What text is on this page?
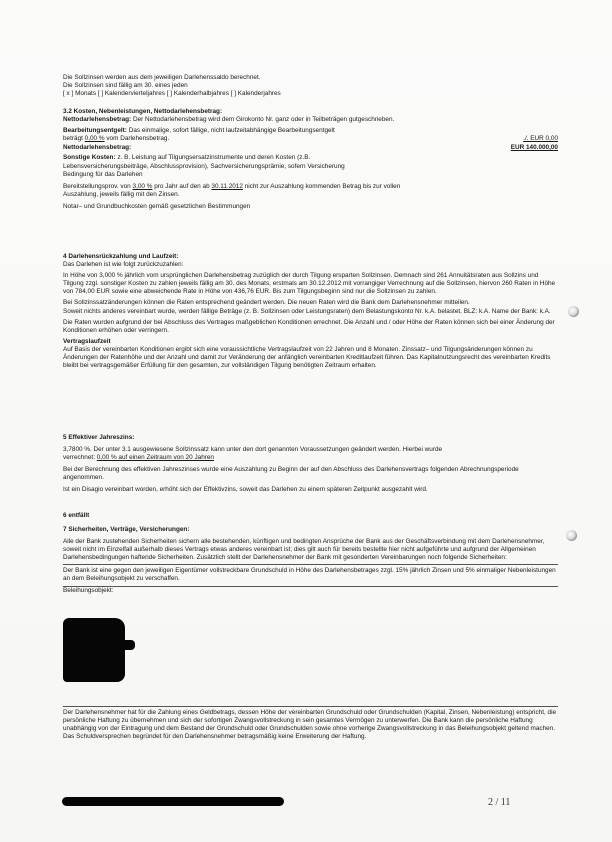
Die Sollzinsen werden aus dem jeweiligen Darlehenssaldo berechnet.
Die Sollzinsen sind fällig am 30. eines jeden
[ x ] Monats [ ] Kalendervierteljahres [ ] Kalenderhalbjahres [ ] Kalenderjahres
3.2 Kosten, Nebenleistungen, Nettodarlehensbetrag:
Nettodarlehensbetrag: Der Nettodarlehensbetrag wird dem Girokonto Nr. ganz oder in Teilbeträgen gutgeschrieben.
Bearbeitungsentgelt: Das einmalige, sofort fällige, nicht laufzeitabhängige Bearbeitungsentgelt
beträgt 0,00 % vom Darlehensbetrag.	./. EUR 0,00
Nettodarlehensbetrag:	EUR 140.000,00
Sonstige Kosten: z. B. Leistung auf Tilgungsersatzinstrumente und deren Kosten (z.B. Lebensversicherungsbeiträge, Abschlussprovision), Sachversicherungsprämie, sofern Versicherung Bedingung für das Darlehen
Bereitstellungsprov. von 3,00 % pro Jahr auf den ab 30.11.2012 nicht zur Auszahlung kommenden Betrag bis zur vollen Auszahlung, jeweils fällig mit den Zinsen.
Notar– und Grundbuchkosten gemäß gesetzlichen Bestimmungen
4 Darlehensrückzahlung und Laufzeit:
Das Darlehen ist wie folgt zurückzuzahlen:
In Höhe von 3,000 % jährlich vom ursprünglichen Darlehensbetrag zuzüglich der durch Tilgung ersparten Sollzinsen. Demnach sind 261 Annuitätsraten aus Sollzins und Tilgung zzgl. sonstiger Kosten zu zahlen jeweils fällig am 30. des Monats, erstmals am 30.12.2012 mit vorrangiger Verrechnung auf die Sollzinsen, hiervon 260 Raten in Höhe von 784,00 EUR sowie eine abweichende Rate in Höhe von 436,76 EUR. Bis zum Tilgungsbeginn sind nur die Sollzinsen zu zahlen.
Bei Sollzinssatzänderungen können die Raten entsprechend geändert werden. Die neuen Raten wird die Bank dem Darlehensnehmer mitteilen.
Soweit nichts anderes vereinbart wurde, werden fällige Beträge (z. B. Sollzinsen oder Leistungsraten) dem Belastungskonto Nr. k.A. belastet. BLZ: k.A. Name der Bank: k.A.
Die Raten wurden aufgrund der bei Abschluss des Vertrages maßgeblichen Konditionen errechnet. Die Anzahl und / oder Höhe der Raten können sich bei einer Änderung der Konditionen erhöhen oder verringern.
Vertragslaufzeit
Auf Basis der vereinbarten Konditionen ergibt sich eine voraussichtliche Vertragslaufzeit von 22 Jahren und 8 Monaten. Zinssatz– und Tilgungsänderungen können zu Änderungen der Ratenhöhe und der Anzahl und damit zur Veränderung der anfänglich vereinbarten Kreditlaufzeit führen. Das Kapitalnutzungsrecht des vereinbarten Kredits bleibt bei vertragsgemäßer Erfüllung für den gesamten, zur vollständigen Tilgung benötigten Zeitraum erhalten.
5 Effektiver Jahreszins:
3,7800 %. Der unter 3.1 ausgewiesene Sollzinssatz kann unter den dort genannten Voraussetzungen geändert werden. Hierbei wurde
verrechnet: 0,00 % auf einen Zeitraum von 20 Jahren
Bei der Berechnung des effektiven Jahreszinses wurde eine Auszahlung zu Beginn der auf den Abschluss des Darlehensvertrags folgenden Abrechnungsperiode angenommen.
Ist ein Disagio vereinbart worden, erhöht sich der Effektivzins, soweit das Darlehen zu einem späteren Zeitpunkt ausgezahlt wird.
6 entfällt
7 Sicherheiten, Verträge, Versicherungen:
Alle der Bank zustehenden Sicherheiten sichern alle bestehenden, künftigen und bedingten Ansprüche der Bank aus der Geschäftsverbindung mit dem Darlehensnehmer, soweit nicht im Einzelfall außerhalb dieses Vertrags etwas anderes vereinbart ist; dies gilt auch für bereits bestellte hier nicht aufgeführte und aufgrund der Allgemeinen Darlehensbedingungen haftende Sicherheiten. Zusätzlich stellt der Darlehensnehmer der Bank mit gesonderten Vereinbarungen noch folgende Sicherheiten:
Der Bank ist eine gegen den jeweiligen Eigentümer vollstreckbare Grundschuld in Höhe des Darlehensbetrages zzgl. 15% jährlich Zinsen und 5% einmaliger Nebenleistungen an dem Beleihungsobjekt zu verschaffen.
Beleihungsobjekt:
Der Darlehensnehmer hat für die Zahlung eines Geldbetrags, dessen Höhe der vereinbarten Grundschuld oder Grundschulden (Kapital, Zinsen, Nebenleistung) entspricht, die persönliche Haftung zu übernehmen und sich der sofortigen Zwangsvollstreckung in sein gesamtes Vermögen zu unterwerfen. Die Bank kann die persönliche Haftung unabhängig von der Eintragung und dem Bestand der Grundschuld oder Grundschulden sowie ohne vorherige Zwangsvollstreckung in das Beleihungsobjekt geltend machen. Das Schuldversprechen begründet für den Darlehensnehmer betragsmäßig keine Erweiterung der Haftung.
2 / 11
